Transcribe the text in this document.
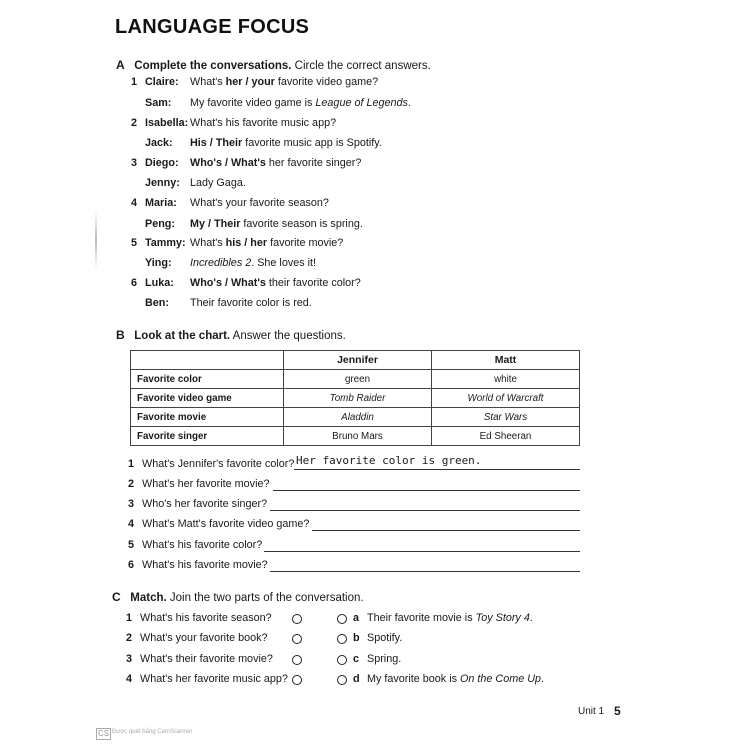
LANGUAGE FOCUS
A Complete the conversations. Circle the correct answers.
1 Claire: What's her / your favorite video game?
Sam: My favorite video game is League of Legends.
2 Isabella: What's his favorite music app?
Jack: His / Their favorite music app is Spotify.
3 Diego: Who's / What's her favorite singer?
Jenny: Lady Gaga.
4 Maria: What's your favorite season?
Peng: My / Their favorite season is spring.
5 Tammy: What's his / her favorite movie?
Ying: Incredibles 2. She loves it!
6 Luka: Who's / What's their favorite color?
Ben: Their favorite color is red.
B Look at the chart. Answer the questions.
	Jennifer	Matt
Favorite color	green	white
Favorite video game	Tomb Raider	World of Warcraft
Favorite movie	Aladdin	Star Wars
Favorite singer	Bruno Mars	Ed Sheeran
1 What's Jennifer's favorite color? Her favorite color is green.
2 What's her favorite movie?
3 Who's her favorite singer?
4 What's Matt's favorite video game?
5 What's his favorite color?
6 What's his favorite movie?
C Match. Join the two parts of the conversation.
1 What's his favorite season?
2 What's your favorite book?
3 What's their favorite movie?
4 What's her favorite music app?
a Their favorite movie is Toy Story 4.
b Spotify.
c Spring.
d My favorite book is On the Come Up.
Unit 1 5
CS Được quét bằng CamScanner
